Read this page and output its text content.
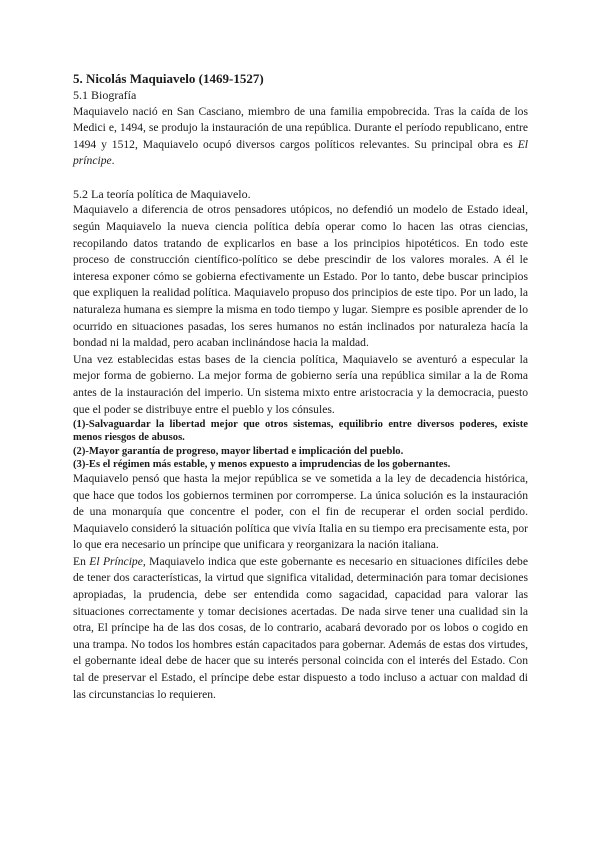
5. Nicolás Maquiavelo (1469-1527)
5.1 Biografía

Maquiavelo nació en San Casciano, miembro de una familia empobrecida. Tras la caída de los Medici e, 1494, se produjo la instauración de una república. Durante el período republicano, entre 1494 y 1512, Maquiavelo ocupó diversos cargos políticos relevantes. Su principal obra es El príncipe.

5.2 La teoría política de Maquiavelo.

Maquiavelo a diferencia de otros pensadores utópicos, no defendió un modelo de Estado ideal, según Maquiavelo la nueva ciencia política debía operar como lo hacen las otras ciencias, recopilando datos tratando de explicarlos en base a los principios hipotéticos. En todo este proceso de construcción científico-político se debe prescindir de los valores morales. A él le interesa exponer cómo se gobierna efectivamente un Estado. Por lo tanto, debe buscar principios que expliquen la realidad política. Maquiavelo propuso dos principios de este tipo. Por un lado, la naturaleza humana es siempre la misma en todo tiempo y lugar. Siempre es posible aprender de lo ocurrido en situaciones pasadas, los seres humanos no están inclinados por naturaleza hacía la bondad ni la maldad, pero acaban inclinándose hacia la maldad.

Una vez establecidas estas bases de la ciencia política, Maquiavelo se aventuró a especular la mejor forma de gobierno. La mejor forma de gobierno sería una república similar a la de Roma antes de la instauración del imperio. Un sistema mixto entre aristocracia y la democracia, puesto que el poder se distribuye entre el pueblo y los cónsules.

(1)-Salvaguardar la libertad mejor que otros sistemas, equilibrio entre diversos poderes, existe menos riesgos de abusos.

(2)-Mayor garantía de progreso, mayor libertad e implicación del pueblo.

(3)-Es el régimen más estable, y menos expuesto a imprudencias de los gobernantes.

Maquiavelo pensó que hasta la mejor república se ve sometida a la ley de decadencia histórica, que hace que todos los gobiernos terminen por corromperse. La única solución es la instauración de una monarquía que concentre el poder, con el fin de recuperar el orden social perdido. Maquiavelo consideró la situación política que vivía Italia en su tiempo era precisamente esta, por lo que era necesario un príncipe que unificara y reorganizara la nación italiana.

En El Príncipe, Maquiavelo indica que este gobernante es necesario en situaciones difíciles debe de tener dos características, la virtud que significa vitalidad, determinación para tomar decisiones apropiadas, la prudencia, debe ser entendida como sagacidad, capacidad para valorar las situaciones correctamente y tomar decisiones acertadas. De nada sirve tener una cualidad sin la otra, El príncipe ha de las dos cosas, de lo contrario, acabará devorado por os lobos o cogido en una trampa. No todos los hombres están capacitados para gobernar. Además de estas dos virtudes, el gobernante ideal debe de hacer que su interés personal coincida con el interés del Estado. Con tal de preservar el Estado, el príncipe debe estar dispuesto a todo incluso a actuar con maldad di las circunstancias lo requieren.
